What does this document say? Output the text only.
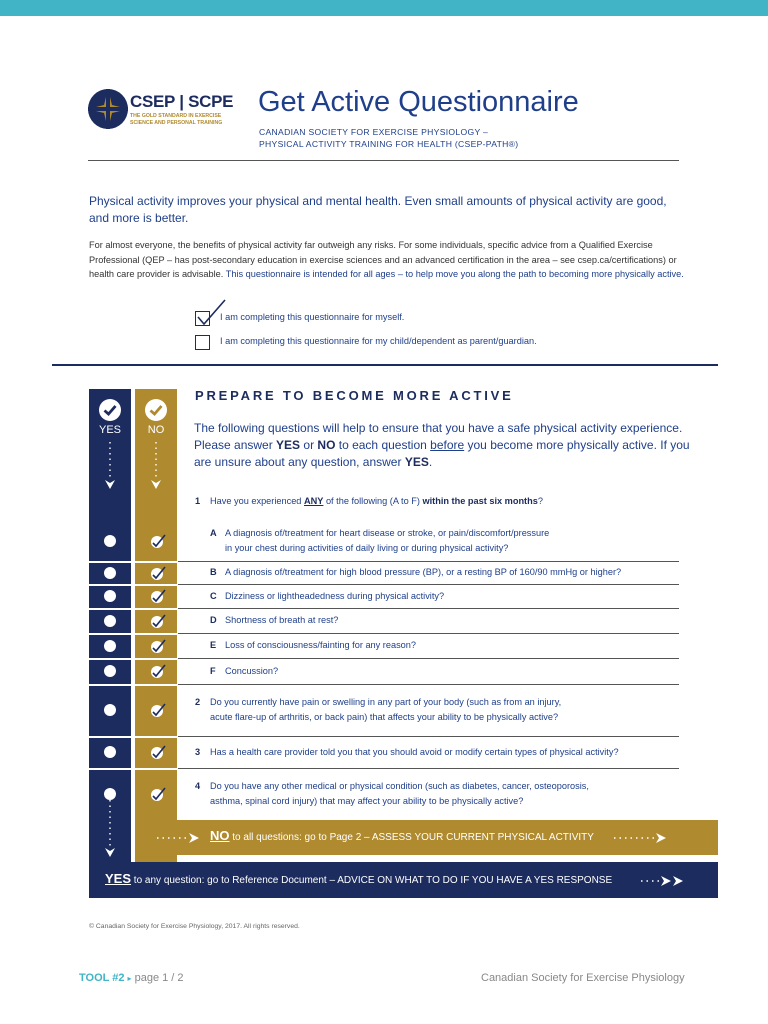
CSEP | SCPE
THE GOLD STANDARD IN EXERCISE
SCIENCE AND PERSONAL TRAINING
Get Active Questionnaire
CANADIAN SOCIETY FOR EXERCISE PHYSIOLOGY –
PHYSICAL ACTIVITY TRAINING FOR HEALTH (CSEP-PATH®)
Physical activity improves your physical and mental health. Even small amounts of physical activity are good, and more is better.
For almost everyone, the benefits of physical activity far outweigh any risks. For some individuals, specific advice from a Qualified Exercise Professional (QEP – has post-secondary education in exercise sciences and an advanced certification in the area – see csep.ca/certifications) or health care provider is advisable. This questionnaire is intended for all ages – to help move you along the path to becoming more physically active.
I am completing this questionnaire for myself.
I am completing this questionnaire for my child/dependent as parent/guardian.
YES	NO
PREPARE TO BECOME MORE ACTIVE
The following questions will help to ensure that you have a safe physical activity experience. Please answer YES or NO to each question before you become more physically active. If you are unsure about any question, answer YES.
1 Have you experienced ANY of the following (A to F) within the past six months?
A A diagnosis of/treatment for heart disease or stroke, or pain/discomfort/pressure
in your chest during activities of daily living or during physical activity?
B A diagnosis of/treatment for high blood pressure (BP), or a resting BP of 160/90 mmHg or higher?
C Dizziness or lightheadedness during physical activity?
D Shortness of breath at rest?
E Loss of consciousness/fainting for any reason?
F Concussion?
2 Do you currently have pain or swelling in any part of your body (such as from an injury,
acute flare-up of arthritis, or back pain) that affects your ability to be physically active?
3 Has a health care provider told you that you should avoid or modify certain types of physical activity?
4 Do you have any other medical or physical condition (such as diabetes, cancer, osteoporosis,
asthma, spinal cord injury) that may affect your ability to be physically active?
NO to all questions: go to Page 2 – ASSESS YOUR CURRENT PHYSICAL ACTIVITY
YES to any question: go to Reference Document – ADVICE ON WHAT TO DO IF YOU HAVE A YES RESPONSE
© Canadian Society for Exercise Physiology, 2017. All rights reserved.
TOOL #2 ▸ page 1 / 2	Canadian Society for Exercise Physiology
